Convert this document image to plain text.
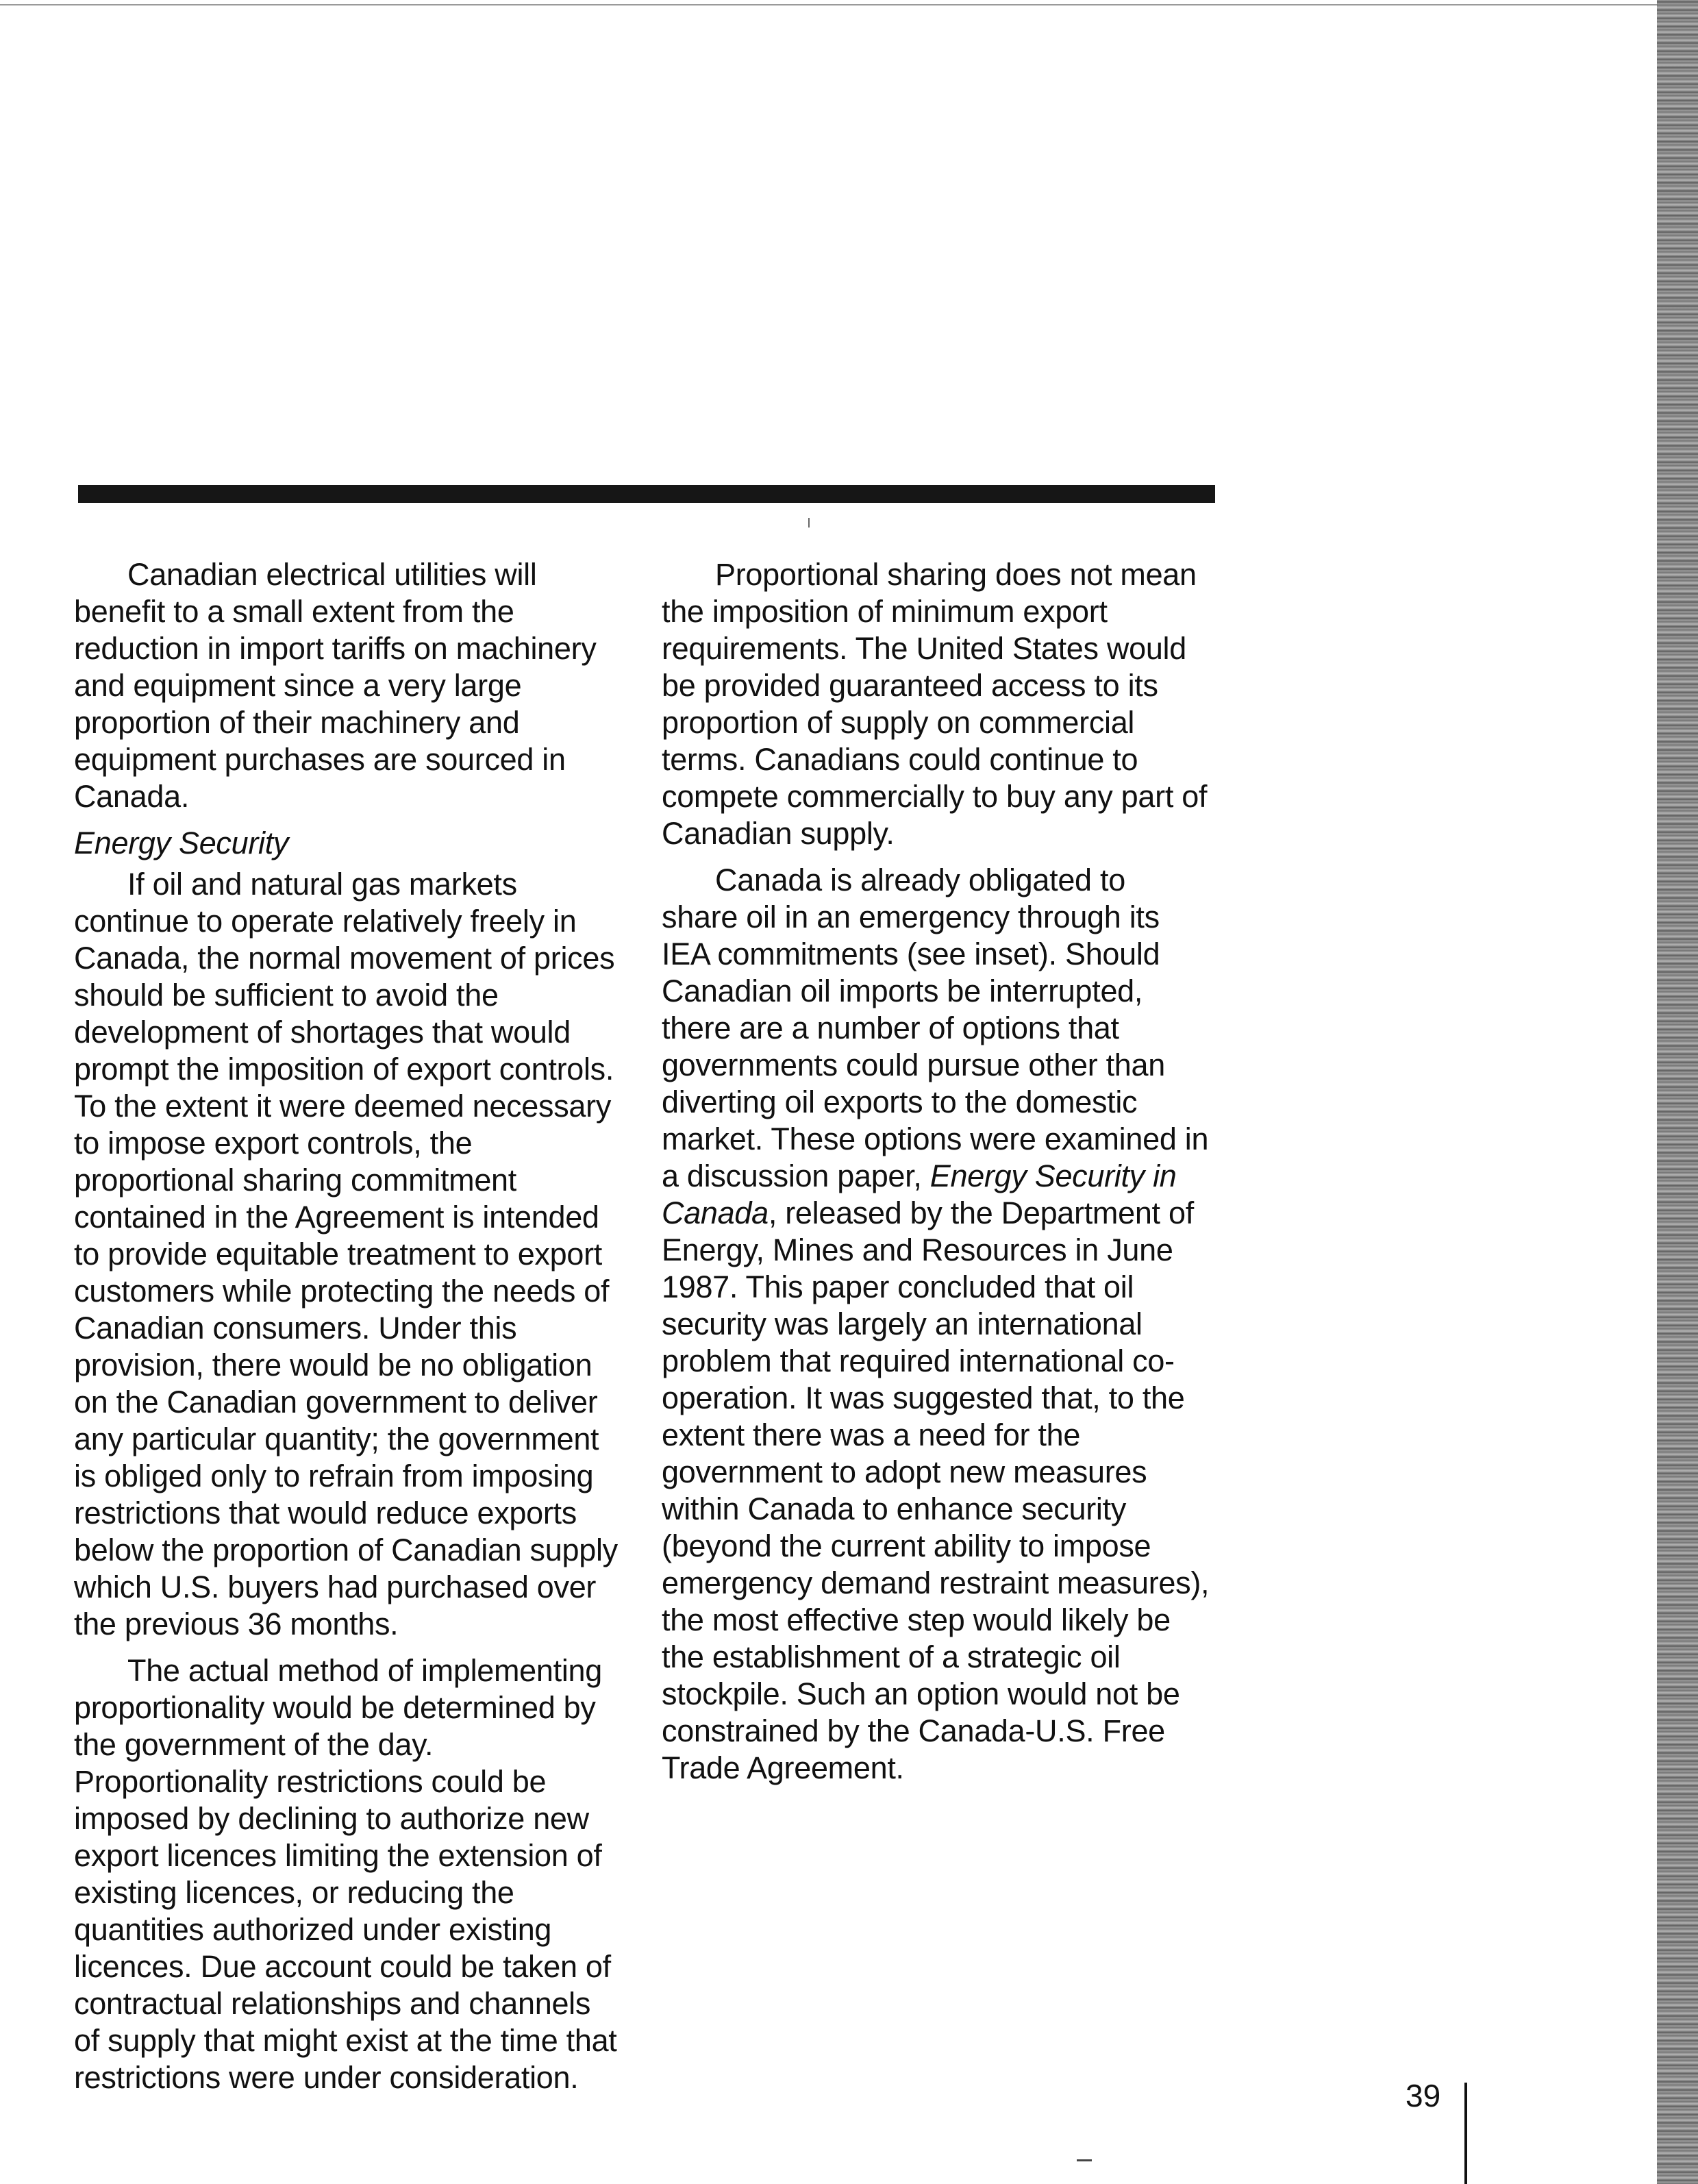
Canadian electrical utilities will benefit to a small extent from the reduction in import tariffs on machinery and equipment since a very large proportion of their machinery and equipment purchases are sourced in Canada.

Energy Security

If oil and natural gas markets continue to operate relatively freely in Canada, the normal movement of prices should be sufficient to avoid the development of shortages that would prompt the imposition of export controls. To the extent it were deemed necessary to impose export controls, the proportional sharing commitment contained in the Agreement is intended to provide equitable treatment to export customers while protecting the needs of Canadian consumers. Under this provision, there would be no obligation on the Canadian government to deliver any particular quantity; the government is obliged only to refrain from imposing restrictions that would reduce exports below the proportion of Canadian supply which U.S. buyers had purchased over the previous 36 months.

The actual method of implementing proportionality would be determined by the government of the day. Proportionality restrictions could be imposed by declining to authorize new export licences limiting the extension of existing licences, or reducing the quantities authorized under existing licences. Due account could be taken of contractual relationships and channels of supply that might exist at the time that restrictions were under consideration.

Proportional sharing does not mean the imposition of minimum export requirements. The United States would be provided guaranteed access to its proportion of supply on commercial terms. Canadians could continue to compete commercially to buy any part of Canadian supply.

Canada is already obligated to share oil in an emergency through its IEA commitments (see inset). Should Canadian oil imports be interrupted, there are a number of options that governments could pursue other than diverting oil exports to the domestic market. These options were examined in a discussion paper, Energy Security in Canada, released by the Department of Energy, Mines and Resources in June 1987. This paper concluded that oil security was largely an international problem that required international co-operation. It was suggested that, to the extent there was a need for the government to adopt new measures within Canada to enhance security (beyond the current ability to impose emergency demand restraint measures), the most effective step would likely be the establishment of a strategic oil stockpile. Such an option would not be constrained by the Canada-U.S. Free Trade Agreement.

39
